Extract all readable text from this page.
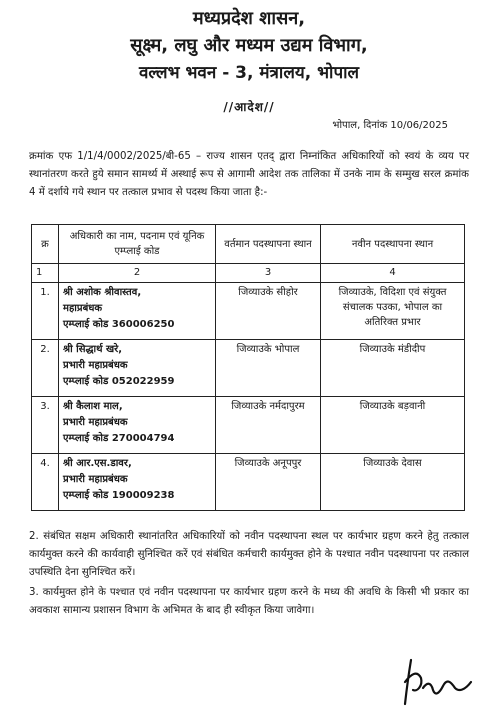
मध्यप्रदेश शासन,
सूक्ष्म, लघु और मध्यम उद्यम विभाग,
वल्लभ भवन - 3, मंत्रालय, भोपाल
//आदेश//
भोपाल, दिनांक 10/06/2025
क्रमांक एफ 1/1/4/0002/2025/बी-65 – राज्य शासन एतद् द्वारा निम्नांकित अधिकारियों को स्वयं के व्यय पर स्थानांतरण करते हुये समान सामर्थ्य में अस्थाई रूप से आगामी आदेश तक तालिका में उनके नाम के सम्मुख सरल क्रमांक 4 में दर्शाये गये स्थान पर तत्काल प्रभाव से पदस्थ किया जाता है:-
क्र	अधिकारी का नाम, पदनाम एवं यूनिक एम्प्लाई कोड	वर्तमान पदस्थापना स्थान	नवीन पदस्थापना स्थान
1	2	3	4
1.	श्री अशोक श्रीवास्तव,
महाप्रबंधक
एम्प्लाई कोड 360006250	जिव्याउके सीहोर	जिव्याउके, विदिशा एवं संयुक्त संचालक पउका, भोपाल का अतिरिक्त प्रभार
2.	श्री सिद्धार्थ खरे,
प्रभारी महाप्रबंधक
एम्प्लाई कोड 052022959	जिव्याउके भोपाल	जिव्याउके मंडीदीप
3.	श्री कैलाश माल,
प्रभारी महाप्रबंधक
एम्प्लाई कोड 270004794	जिव्याउके नर्मदापुरम	जिव्याउके बड़वानी
4.	श्री आर.एस.डावर,
प्रभारी महाप्रबंधक
एम्प्लाई कोड 190009238	जिव्याउके अनूपपुर	जिव्याउके देवास
2. संबंधित सक्षम अधिकारी स्थानांतरित अधिकारियों को नवीन पदस्थापना स्थल पर कार्यभार ग्रहण करने हेतु तत्काल कार्यमुक्त करने की कार्यवाही सुनिश्चित करें एवं संबंधित कर्मचारी कार्यमुक्त होने के पश्चात नवीन पदस्थापना पर तत्काल उपस्थिति देना सुनिश्चित करें।
3. कार्यमुक्त होने के पश्चात एवं नवीन पदस्थापना पर कार्यभार ग्रहण करने के मध्य की अवधि के किसी भी प्रकार का अवकाश सामान्य प्रशासन विभाग के अभिमत के बाद ही स्वीकृत किया जावेगा।
